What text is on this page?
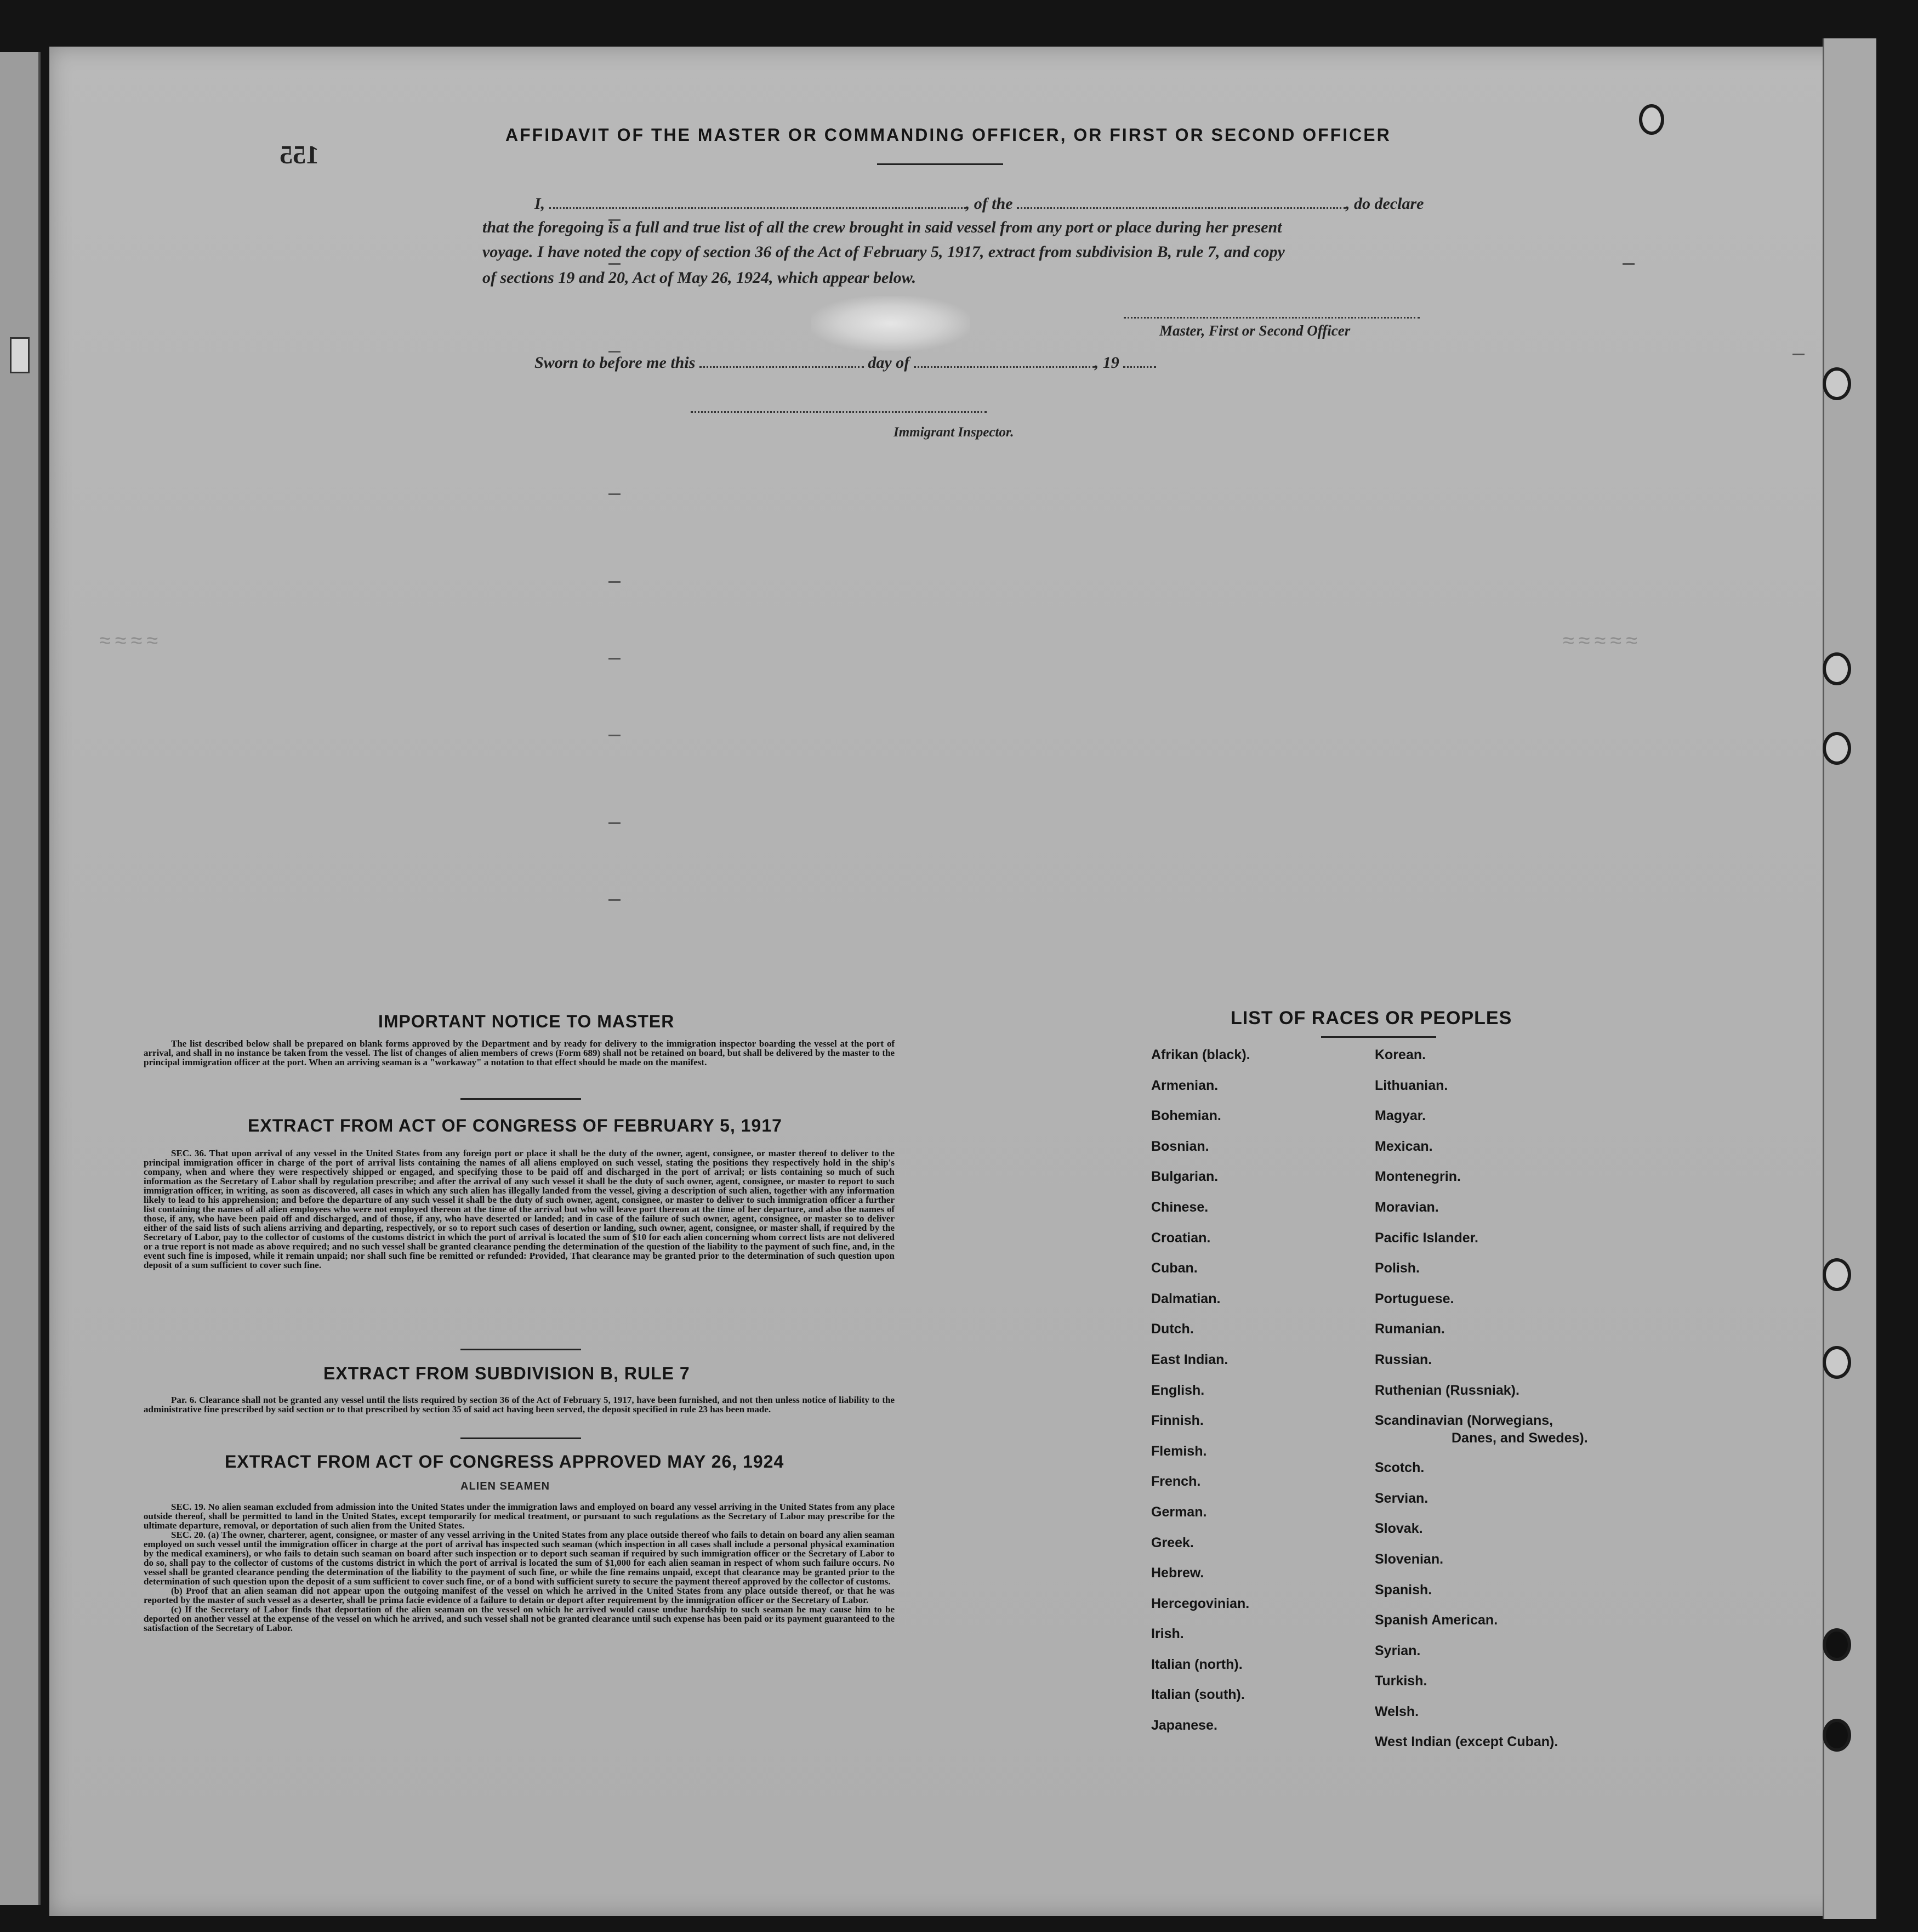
≈≈≈≈	≈≈≈≈≈
155
AFFIDAVIT OF THE MASTER OR COMMANDING OFFICER, OR FIRST OR SECOND OFFICER
I,	, of the	, do declare
that the foregoing is a full and true list of all the crew brought in said vessel from any port or place during her present
voyage. I have noted the copy of section 36 of the Act of February 5, 1917, extract from subdivision B, rule 7, and copy
of sections 19 and 20, Act of May 26, 1924, which appear below.
Master, First or Second Officer
Sworn to before me this	day of	, 19
Immigrant Inspector.
IMPORTANT NOTICE TO MASTER
The list described below shall be prepared on blank forms approved by the Department and by ready for delivery to the immigration inspector boarding the vessel at the port of arrival, and shall in no instance be taken from the vessel. The list of changes of alien members of crews (Form 689) shall not be retained on board, but shall be delivered by the master to the principal immigration officer at the port. When an arriving seaman is a "workaway" a notation to that effect should be made on the manifest.
EXTRACT FROM ACT OF CONGRESS OF FEBRUARY 5, 1917
SEC. 36. That upon arrival of any vessel in the United States from any foreign port or place it shall be the duty of the owner, agent, consignee, or master thereof to deliver to the principal immigration officer in charge of the port of arrival lists containing the names of all aliens employed on such vessel, stating the positions they respectively hold in the ship's company, when and where they were respectively shipped or engaged, and specifying those to be paid off and discharged in the port of arrival; or lists containing so much of such information as the Secretary of Labor shall by regulation prescribe; and after the arrival of any such vessel it shall be the duty of such owner, agent, consignee, or master to report to such immigration officer, in writing, as soon as discovered, all cases in which any such alien has illegally landed from the vessel, giving a description of such alien, together with any information likely to lead to his apprehension; and before the departure of any such vessel it shall be the duty of such owner, agent, consignee, or master to deliver to such immigration officer a further list containing the names of all alien employees who were not employed thereon at the time of the arrival but who will leave port thereon at the time of her departure, and also the names of those, if any, who have been paid off and discharged, and of those, if any, who have deserted or landed; and in case of the failure of such owner, agent, consignee, or master so to deliver either of the said lists of such aliens arriving and departing, respectively, or so to report such cases of desertion or landing, such owner, agent, consignee, or master shall, if required by the Secretary of Labor, pay to the collector of customs of the customs district in which the port of arrival is located the sum of $10 for each alien concerning whom correct lists are not delivered or a true report is not made as above required; and no such vessel shall be granted clearance pending the determination of the question of the liability to the payment of such fine, and, in the event such fine is imposed, while it remain unpaid; nor shall such fine be remitted or refunded: Provided, That clearance may be granted prior to the determination of such question upon deposit of a sum sufficient to cover such fine.
EXTRACT FROM SUBDIVISION B, RULE 7
Par. 6. Clearance shall not be granted any vessel until the lists required by section 36 of the Act of February 5, 1917, have been furnished, and not then unless notice of liability to the administrative fine prescribed by said section or to that prescribed by section 35 of said act having been served, the deposit specified in rule 23 has been made.
EXTRACT FROM ACT OF CONGRESS APPROVED MAY 26, 1924
ALIEN SEAMEN
SEC. 19. No alien seaman excluded from admission into the United States under the immigration laws and employed on board any vessel arriving in the United States from any place outside thereof, shall be permitted to land in the United States, except temporarily for medical treatment, or pursuant to such regulations as the Secretary of Labor may prescribe for the ultimate departure, removal, or deportation of such alien from the United States.
SEC. 20. (a) The owner, charterer, agent, consignee, or master of any vessel arriving in the United States from any place outside thereof who fails to detain on board any alien seaman employed on such vessel until the immigration officer in charge at the port of arrival has inspected such seaman (which inspection in all cases shall include a personal physical examination by the medical examiners), or who fails to detain such seaman on board after such inspection or to deport such seaman if required by such immigration officer or the Secretary of Labor to do so, shall pay to the collector of customs of the customs district in which the port of arrival is located the sum of $1,000 for each alien seaman in respect of whom such failure occurs. No vessel shall be granted clearance pending the determination of the liability to the payment of such fine, or while the fine remains unpaid, except that clearance may be granted prior to the determination of such question upon the deposit of a sum sufficient to cover such fine, or of a bond with sufficient surety to secure the payment thereof approved by the collector of customs.
(b) Proof that an alien seaman did not appear upon the outgoing manifest of the vessel on which he arrived in the United States from any place outside thereof, or that he was reported by the master of such vessel as a deserter, shall be prima facie evidence of a failure to detain or deport after requirement by the immigration officer or the Secretary of Labor.
(c) If the Secretary of Labor finds that deportation of the alien seaman on the vessel on which he arrived would cause undue hardship to such seaman he may cause him to be deported on another vessel at the expense of the vessel on which he arrived, and such vessel shall not be granted clearance until such expense has been paid or its payment guaranteed to the satisfaction of the Secretary of Labor.
LIST OF RACES OR PEOPLES
Afrikan (black).
Armenian.
Bohemian.
Bosnian.
Bulgarian.
Chinese.
Croatian.
Cuban.
Dalmatian.
Dutch.
East Indian.
English.
Finnish.
Flemish.
French.
German.
Greek.
Hebrew.
Hercegovinian.
Irish.
Italian (north).
Italian (south).
Japanese.
Korean.
Lithuanian.
Magyar.
Mexican.
Montenegrin.
Moravian.
Pacific Islander.
Polish.
Portuguese.
Rumanian.
Russian.
Ruthenian (Russniak).
Scandinavian (Norwegians,
Danes, and Swedes).
Scotch.
Servian.
Slovak.
Slovenian.
Spanish.
Spanish American.
Syrian.
Turkish.
Welsh.
West Indian (except Cuban).
